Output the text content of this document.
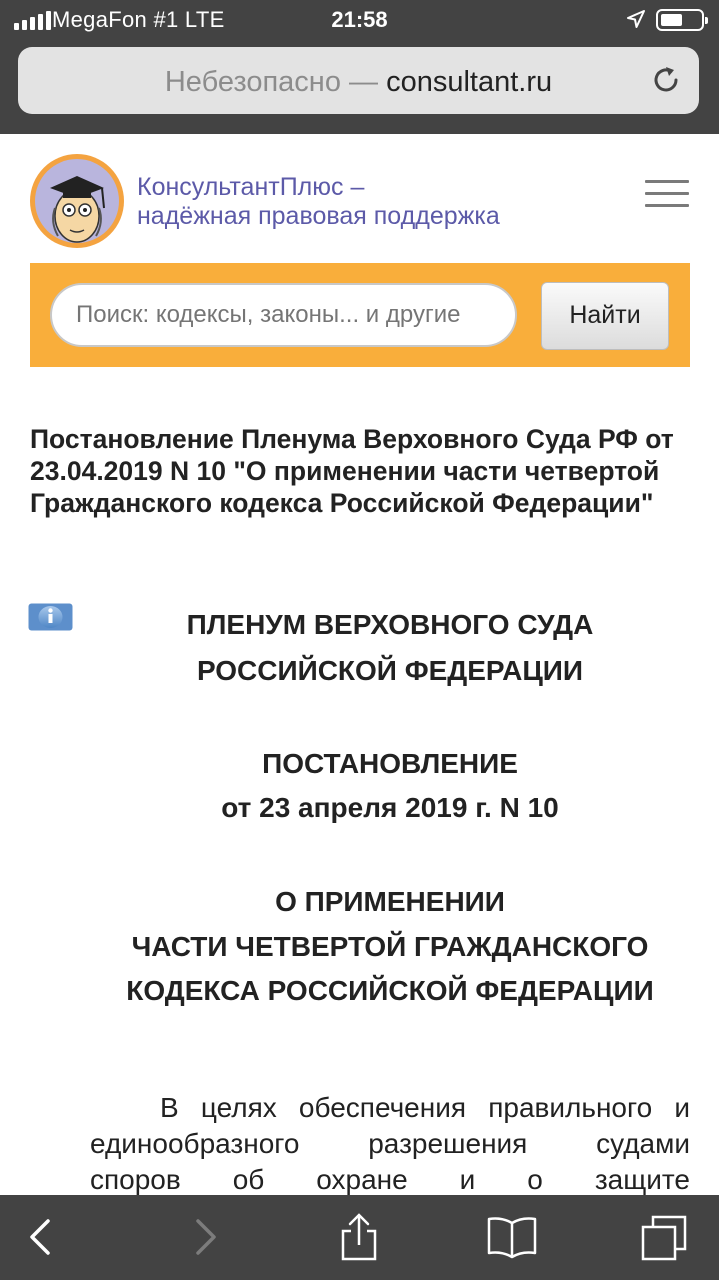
MegaFon #1 LTE	21:58
Небезопасно — consultant.ru
КонсультантПлюс –
надёжная правовая поддержка
Поиск: кодексы, законы... и другие
Найти
Постановление Пленума Верховного Суда РФ от 23.04.2019 N 10 "О применении части четвертой Гражданского кодекса Российской Федерации"
ПЛЕНУМ ВЕРХОВНОГО СУДА
РОССИЙСКОЙ ФЕДЕРАЦИИ
ПОСТАНОВЛЕНИЕ
от 23 апреля 2019 г. N 10
О ПРИМЕНЕНИИ
ЧАСТИ ЧЕТВЕРТОЙ ГРАЖДАНСКОГО
КОДЕКСА РОССИЙСКОЙ ФЕДЕРАЦИИ
В целях обеспечения правильного и
единообразного разрешения судами
споров об охране и о защите
